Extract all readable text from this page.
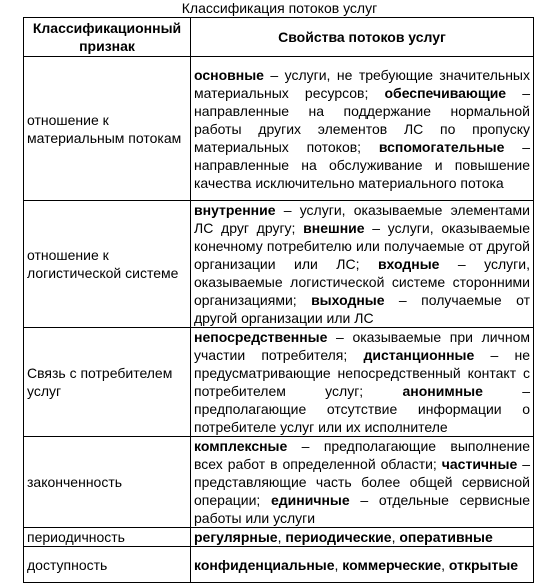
Классификация потоков услуг
Классификационный признак	Свойства потоков услуг
отношение к материальным потокам	основные – услуги, не требующие значительных материальных ресурсов; обеспечивающие – направленные на поддержание нормальной работы других элементов ЛС по пропуску материальных потоков; вспомогательные – направленные на обслуживание и повышение качества исключительно материального потока
отношение к логистической системе	внутренние – услуги, оказываемые элементами ЛС друг другу; внешние – услуги, оказываемые конечному потребителю или получаемые от другой организации или ЛС; входные – услуги, оказываемые логистической системе сторонними организациями; выходные – получаемые от другой организации или ЛС
Связь с потребителем услуг	непосредственные – оказываемые при личном участии потребителя; дистанционные – не предусматривающие непосредственный контакт с потребителем услуг; анонимные – предполагающие отсутствие информации о потребителе услуг или их исполнителе
законченность	комплексные – предполагающие выполнение всех работ в определенной области; частичные – представляющие часть более общей сервисной операции; единичные – отдельные сервисные работы или услуги
периодичность	регулярные, периодические, оперативные
доступность	конфиденциальные, коммерческие, открытые
